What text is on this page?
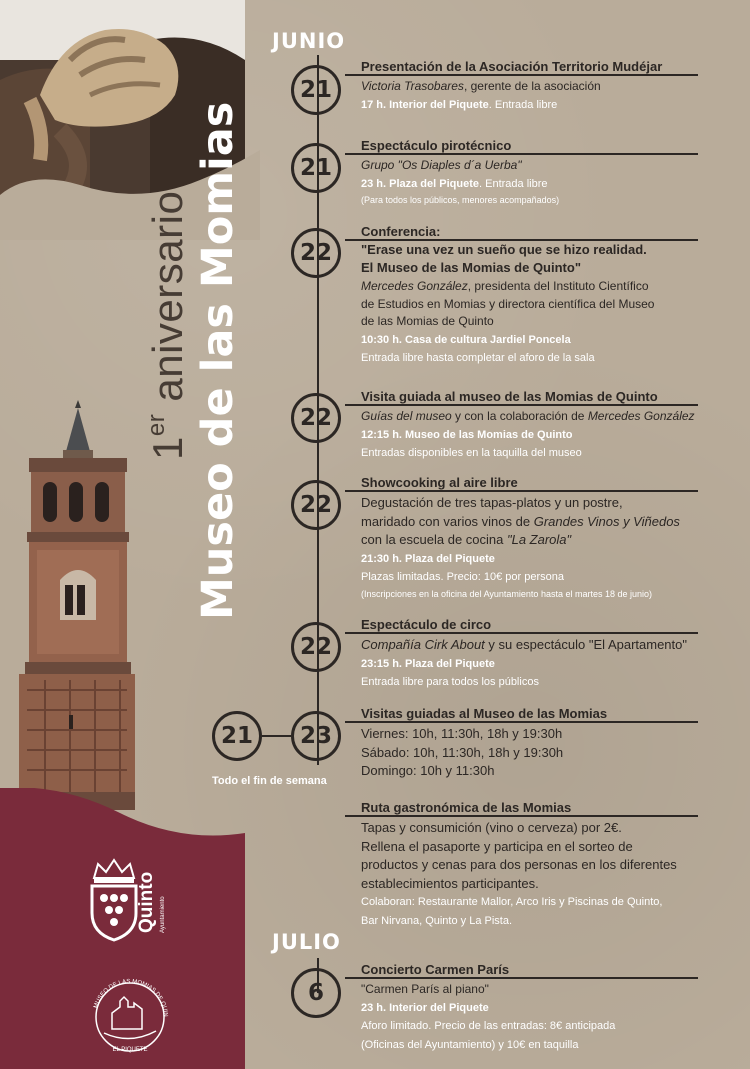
Quinto Ayuntamiento
MUSEO DE LAS MOMIAS DE QUIN
EL PIQUETE
1er aniversario Museo de las Momias
JUNIO
JULIO
21

Presentación de la Asociación Territorio Mudéjar

Victoria Trasobares, gerente de la asociación
17 h. Interior del Piquete. Entrada libre
21

Espectáculo pirotécnico

Grupo "Os Diaples d´a Uerba"
23 h. Plaza del Piquete. Entrada libre
(Para todos los públicos, menores acompañados)
22

Conferencia:

"Erase una vez un sueño que se hizo realidad.

El Museo de las Momias de Quinto"

Mercedes González, presidenta del Instituto Científico
de Estudios en Momias y directora científica del Museo
de las Momias de Quinto
10:30 h. Casa de cultura Jardiel Poncela
Entrada libre hasta completar el aforo de la sala
22

Visita guiada al museo de las Momias de Quinto

Guías del museo y con la colaboración de Mercedes González
12:15 h. Museo de las Momias de Quinto
Entradas disponibles en la taquilla del museo
22

Showcooking al aire libre

Degustación de tres tapas-platos y un postre,
maridado con varios vinos de Grandes Vinos y Viñedos
con la escuela de cocina "La Zarola"
21:30 h. Plaza del Piquete
Plazas limitadas. Precio: 10€ por persona
(Inscripciones en la oficina del Ayuntamiento hasta el martes 18 de junio)
22

Espectáculo de circo

Compañía Cirk About y su espectáculo "El Apartamento"
23:15 h. Plaza del Piquete
Entrada libre para todos los públicos
21	23
Todo el fin de semana

Visitas guiadas al Museo de las Momias

Viernes: 10h, 11:30h, 18h y 19:30h
Sábado: 10h, 11:30h, 18h y 19:30h
Domingo: 10h y 11:30h

Ruta gastronómica de las Momias

Tapas y consumición (vino o cerveza) por 2€.
Rellena el pasaporte y participa en el sorteo de
productos y cenas para dos personas en los diferentes
establecimientos participantes.
Colaboran: Restaurante Mallor, Arco Iris y Piscinas de Quinto,
Bar Nirvana, Quinto y La Pista.
6

Concierto Carmen París

"Carmen París al piano"
23 h. Interior del Piquete
Aforo limitado. Precio de las entradas: 8€ anticipada
(Oficinas del Ayuntamiento) y 10€ en taquilla
